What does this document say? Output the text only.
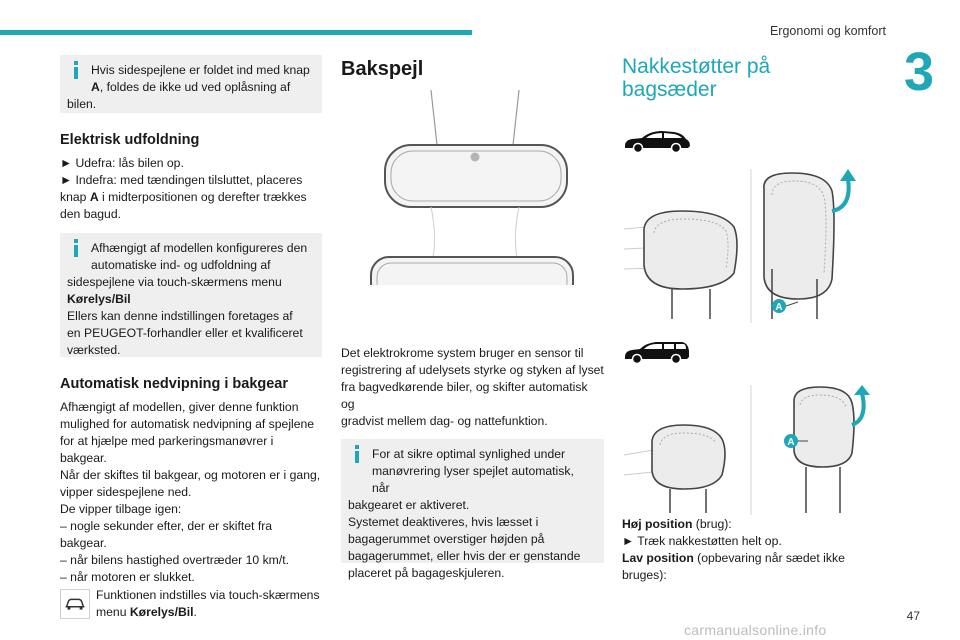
Ergonomi og komfort
3

Hvis sidespejlene er foldet ind med knap

A, foldes de ikke ud ved oplåsning af

bilen.

Elektrisk udfoldning
► Udefra: lås bilen op.
► Indefra: med tændingen tilsluttet, placeres
knap A i midterpositionen og derefter trækkes
den bagud.

Afhængigt af modellen konfigureres den

automatiske ind- og udfoldning af

sidespejlene via touch-skærmens menu

Kørelys/Bil

Ellers kan denne indstillingen foretages af

en PEUGEOT-forhandler eller et kvalificeret

værksted.

Automatisk nedvipning i bakgear
Afhængigt af modellen, giver denne funktion
mulighed for automatisk nedvipning af spejlene
for at hjælpe med parkeringsmanøvrer i bakgear.
Når der skiftes til bakgear, og motoren er i gang,
vipper sidespejlene ned.
De vipper tilbage igen:
– nogle sekunder efter, der er skiftet fra bakgear.
– når bilens hastighed overtræder 10 km/t.
– når motoren er slukket.
Funktionen indstilles via touch-skærmens
menu Kørelys/Bil.
Bakspejl
Det elektrokrome system bruger en sensor til
registrering af udelysets styrke og styken af lyset
fra bagvedkørende biler, og skifter automatisk og
gradvist mellem dag- og nattefunktion.

For at sikre optimal synlighed under

manøvrering lyser spejlet automatisk, når

bakgearet er aktiveret.

Systemet deaktiveres, hvis læsset i

bagagerummet overstiger højden på

bagagerummet, eller hvis der er genstande

placeret på bagageskjuleren.

Nakkestøtter på
bagsæder
A
A
Høj position (brug):
► Træk nakkestøtten helt op.
Lav position (opbevaring når sædet ikke
bruges):
47
carmanualsonline.info
